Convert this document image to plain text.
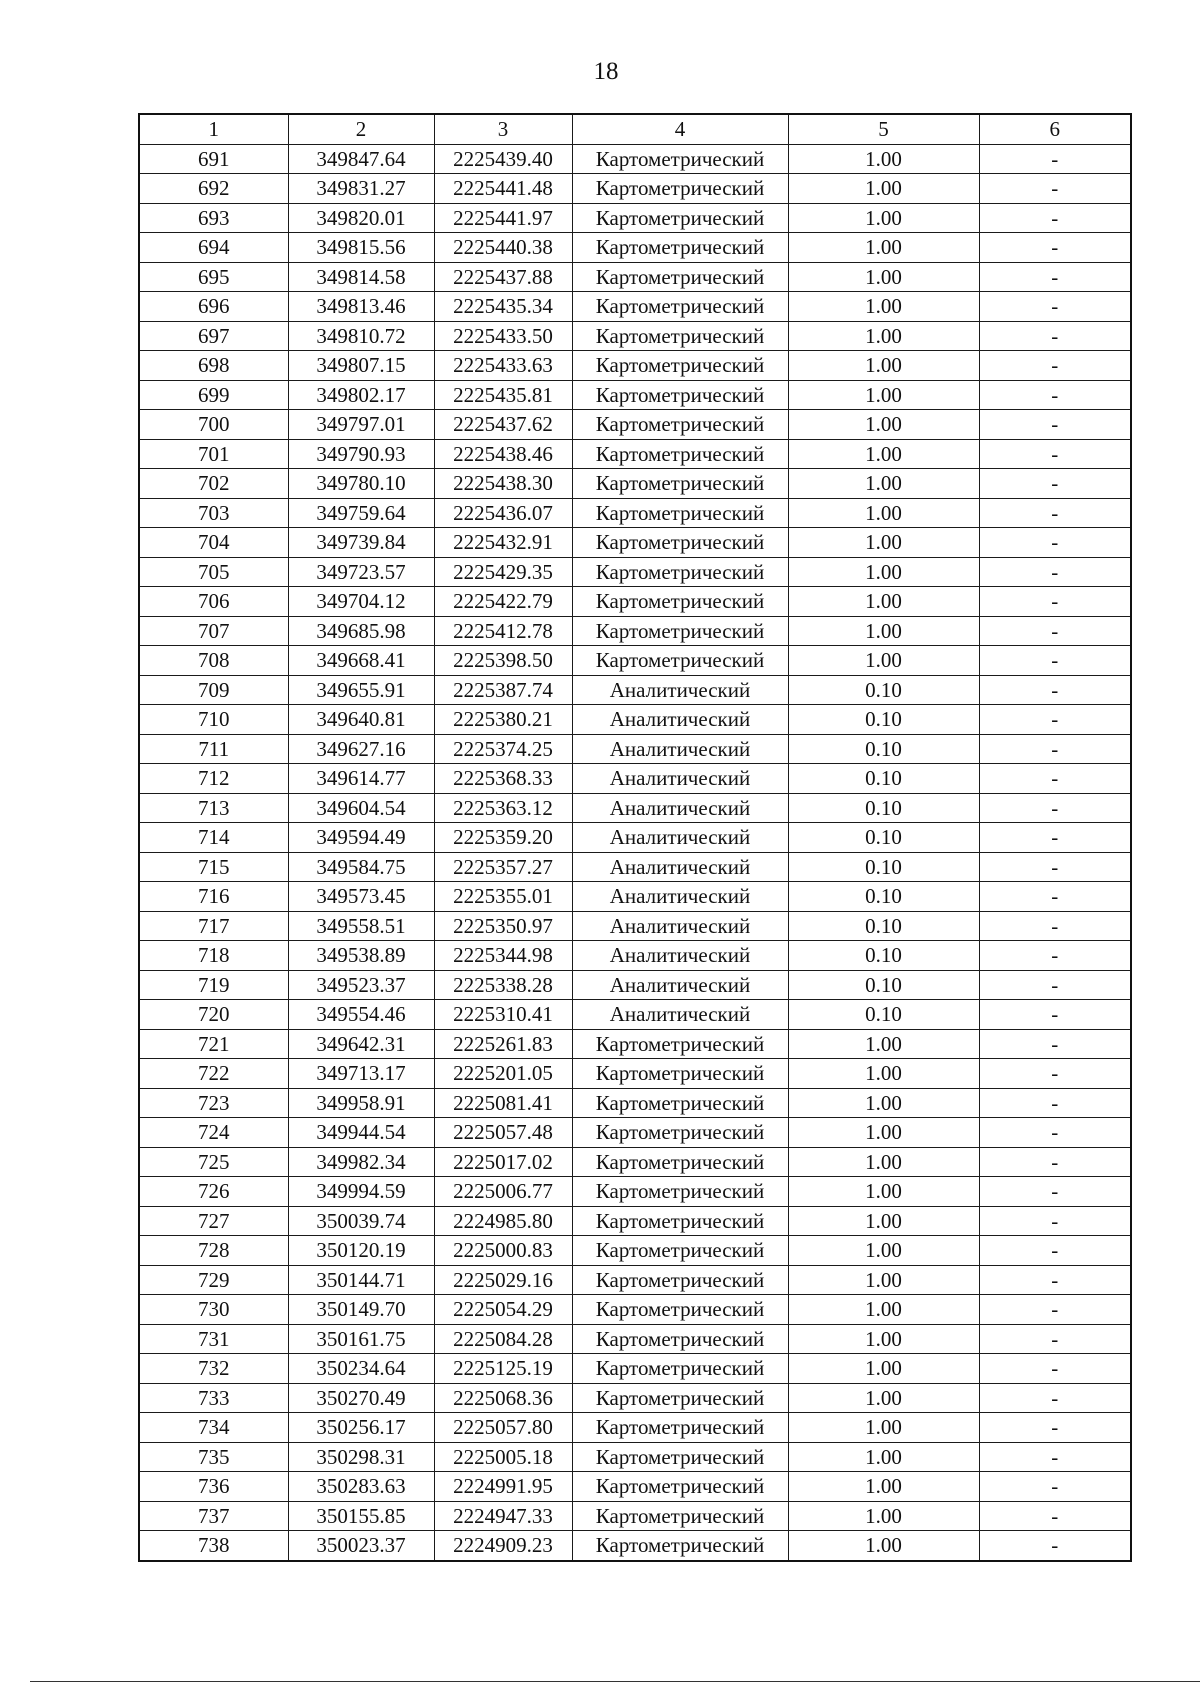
18
1	2	3	4	5	6
691	349847.64	2225439.40	Картометрический	1.00	-
692	349831.27	2225441.48	Картометрический	1.00	-
693	349820.01	2225441.97	Картометрический	1.00	-
694	349815.56	2225440.38	Картометрический	1.00	-
695	349814.58	2225437.88	Картометрический	1.00	-
696	349813.46	2225435.34	Картометрический	1.00	-
697	349810.72	2225433.50	Картометрический	1.00	-
698	349807.15	2225433.63	Картометрический	1.00	-
699	349802.17	2225435.81	Картометрический	1.00	-
700	349797.01	2225437.62	Картометрический	1.00	-
701	349790.93	2225438.46	Картометрический	1.00	-
702	349780.10	2225438.30	Картометрический	1.00	-
703	349759.64	2225436.07	Картометрический	1.00	-
704	349739.84	2225432.91	Картометрический	1.00	-
705	349723.57	2225429.35	Картометрический	1.00	-
706	349704.12	2225422.79	Картометрический	1.00	-
707	349685.98	2225412.78	Картометрический	1.00	-
708	349668.41	2225398.50	Картометрический	1.00	-
709	349655.91	2225387.74	Аналитический	0.10	-
710	349640.81	2225380.21	Аналитический	0.10	-
711	349627.16	2225374.25	Аналитический	0.10	-
712	349614.77	2225368.33	Аналитический	0.10	-
713	349604.54	2225363.12	Аналитический	0.10	-
714	349594.49	2225359.20	Аналитический	0.10	-
715	349584.75	2225357.27	Аналитический	0.10	-
716	349573.45	2225355.01	Аналитический	0.10	-
717	349558.51	2225350.97	Аналитический	0.10	-
718	349538.89	2225344.98	Аналитический	0.10	-
719	349523.37	2225338.28	Аналитический	0.10	-
720	349554.46	2225310.41	Аналитический	0.10	-
721	349642.31	2225261.83	Картометрический	1.00	-
722	349713.17	2225201.05	Картометрический	1.00	-
723	349958.91	2225081.41	Картометрический	1.00	-
724	349944.54	2225057.48	Картометрический	1.00	-
725	349982.34	2225017.02	Картометрический	1.00	-
726	349994.59	2225006.77	Картометрический	1.00	-
727	350039.74	2224985.80	Картометрический	1.00	-
728	350120.19	2225000.83	Картометрический	1.00	-
729	350144.71	2225029.16	Картометрический	1.00	-
730	350149.70	2225054.29	Картометрический	1.00	-
731	350161.75	2225084.28	Картометрический	1.00	-
732	350234.64	2225125.19	Картометрический	1.00	-
733	350270.49	2225068.36	Картометрический	1.00	-
734	350256.17	2225057.80	Картометрический	1.00	-
735	350298.31	2225005.18	Картометрический	1.00	-
736	350283.63	2224991.95	Картометрический	1.00	-
737	350155.85	2224947.33	Картометрический	1.00	-
738	350023.37	2224909.23	Картометрический	1.00	-
